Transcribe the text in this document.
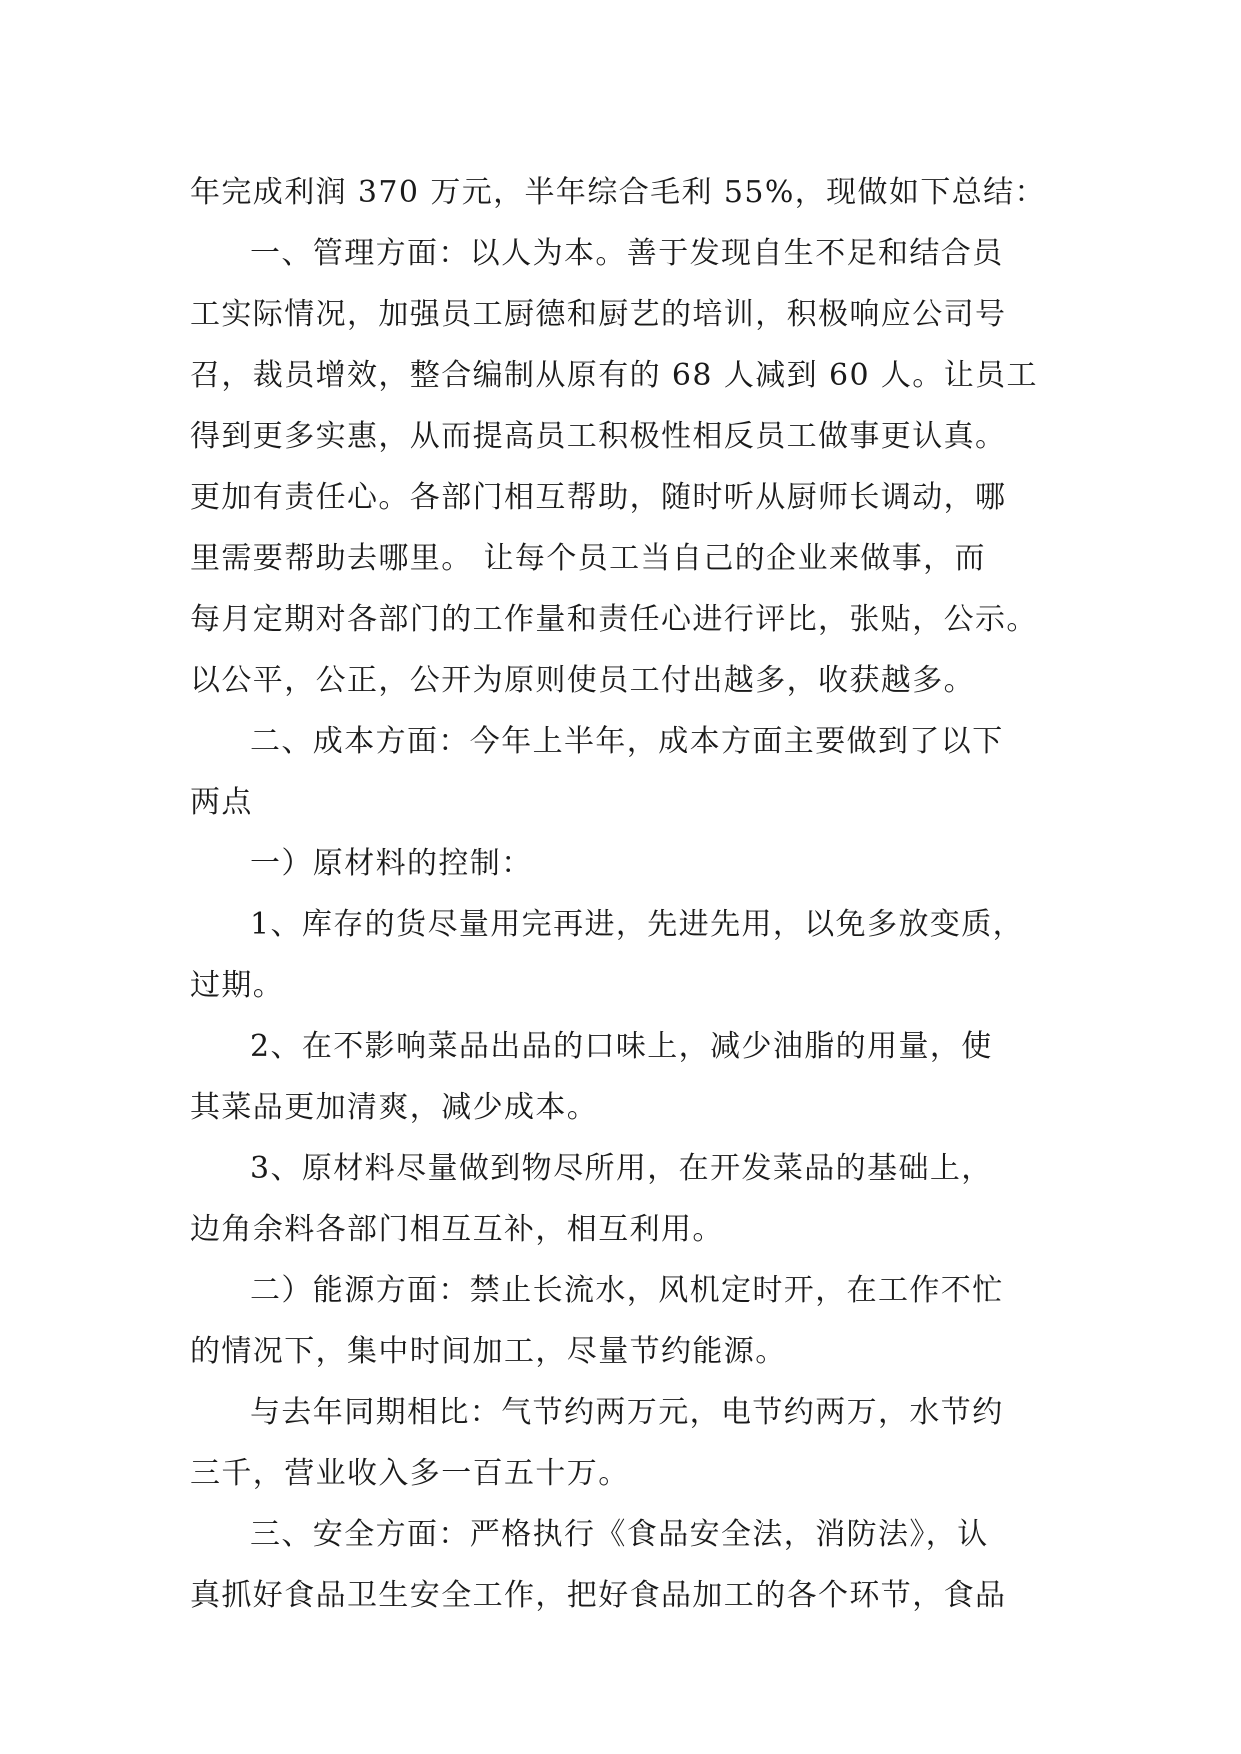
年完成利润 370 万元，半年综合毛利 55%，现做如下总结：
一、管理方面：以人为本。善于发现自生不足和结合员
工实际情况，加强员工厨德和厨艺的培训，积极响应公司号
召，裁员增效，整合编制从原有的 68 人减到 60 人。让员工
得到更多实惠，从而提高员工积极性相反员工做事更认真。
更加有责任心。各部门相互帮助，随时听从厨师长调动，哪
里需要帮助去哪里。 让每个员工当自己的企业来做事，而
每月定期对各部门的工作量和责任心进行评比，张贴，公示。
以公平，公正，公开为原则使员工付出越多，收获越多。
二、成本方面：今年上半年，成本方面主要做到了以下
两点
一）原材料的控制：
1、库存的货尽量用完再进，先进先用，以免多放变质，
过期。
2、在不影响菜品出品的口味上，减少油脂的用量，使
其菜品更加清爽，减少成本。
3、原材料尽量做到物尽所用，在开发菜品的基础上，
边角余料各部门相互互补，相互利用。
二）能源方面：禁止长流水，风机定时开，在工作不忙
的情况下，集中时间加工，尽量节约能源。
与去年同期相比：气节约两万元，电节约两万，水节约
三千，营业收入多一百五十万。
三、安全方面：严格执行《食品安全法，消防法》，认
真抓好食品卫生安全工作，把好食品加工的各个环节，食品
